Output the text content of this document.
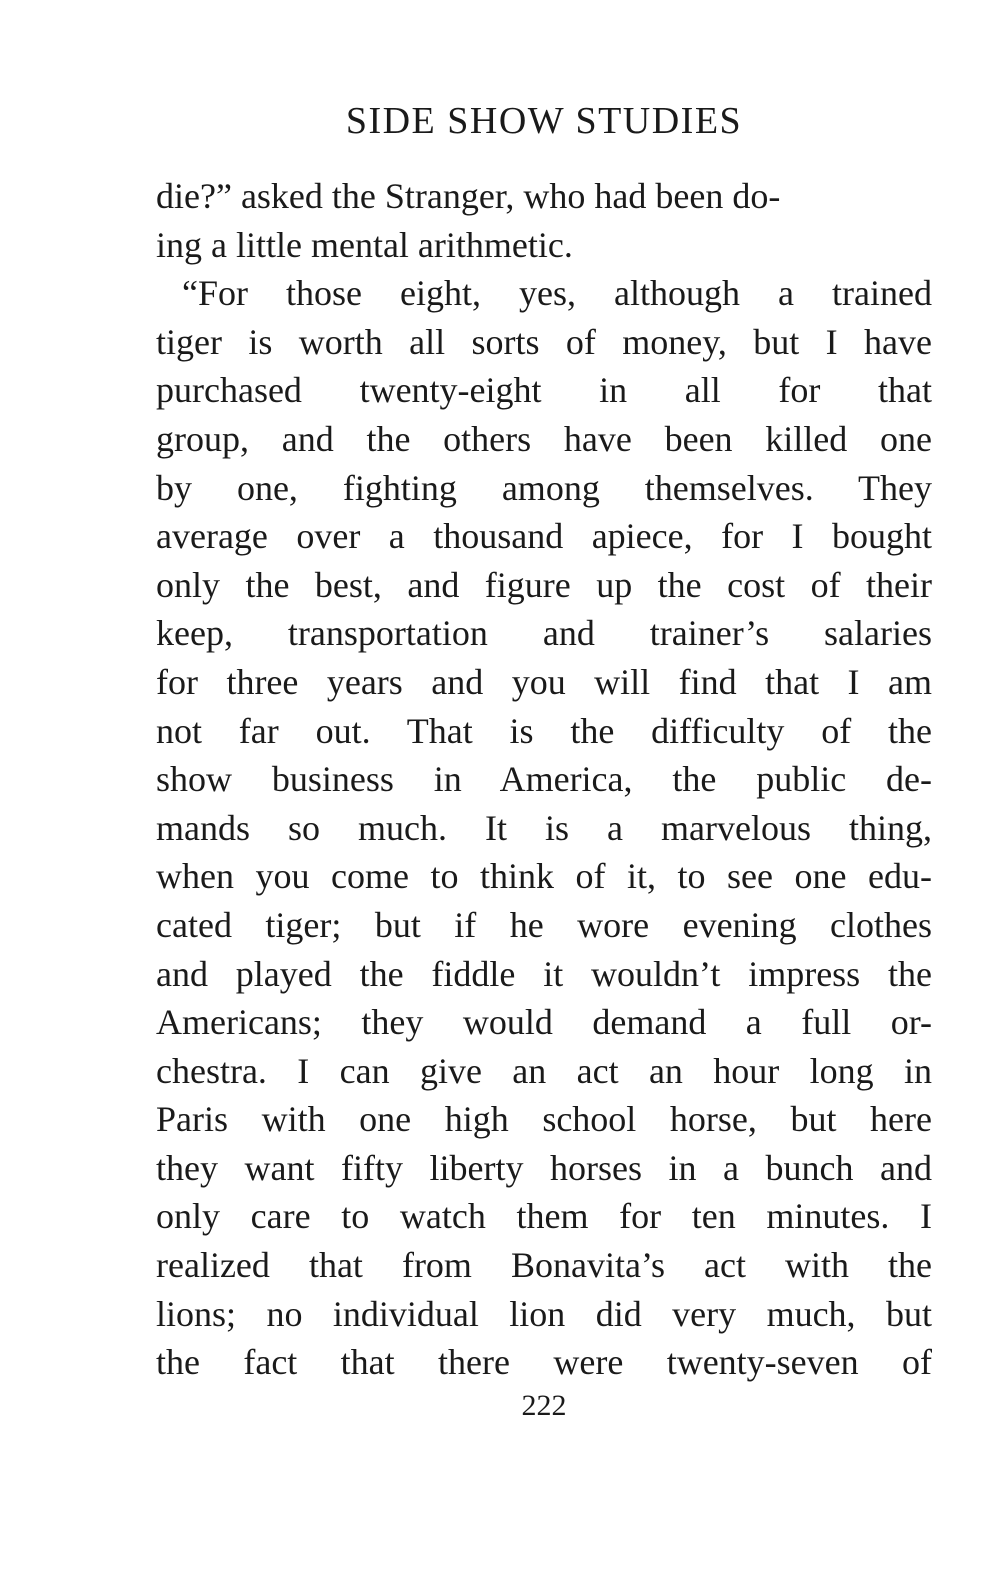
SIDE SHOW STUDIES
die?” asked the Stranger, who had been do-
ing a little mental arithmetic.
“For those eight, yes, although a trained
tiger is worth all sorts of money, but I have
purchased twenty-eight in all for that
group, and the others have been killed one
by one, fighting among themselves. They
average over a thousand apiece, for I bought
only the best, and figure up the cost of their
keep, transportation and trainer’s salaries
for three years and you will find that I am
not far out. That is the difficulty of the
show business in America, the public de-
mands so much. It is a marvelous thing,
when you come to think of it, to see one edu-
cated tiger; but if he wore evening clothes
and played the fiddle it wouldn’t impress the
Americans; they would demand a full or-
chestra. I can give an act an hour long in
Paris with one high school horse, but here
they want fifty liberty horses in a bunch and
only care to watch them for ten minutes. I
realized that from Bonavita’s act with the
lions; no individual lion did very much, but
the fact that there were twenty-seven of
222
